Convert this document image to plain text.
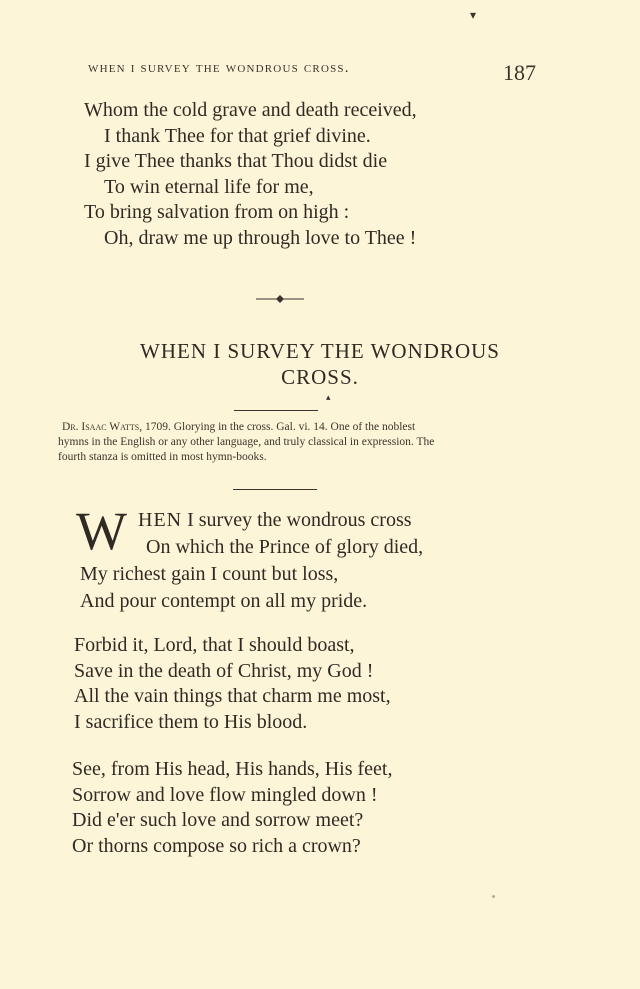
▾
when i survey the wondrous cross.	187
Whom the cold grave and death received,
I thank Thee for that grief divine.
I give Thee thanks that Thou didst die
To win eternal life for me,
To bring salvation from on high :
Oh, draw me up through love to Thee !
WHEN I SURVEY THE WONDROUS
CROSS.
▴
Dr. Isaac Watts, 1709. Glorying in the cross. Gal. vi. 14. One of the noblest
hymns in the English or any other language, and truly classical in expression. The
fourth stanza is omitted in most hymn-books.
W HEN I survey the wondrous cross
On which the Prince of glory died,
My richest gain I count but loss,
And pour contempt on all my pride.
Forbid it, Lord, that I should boast,
Save in the death of Christ, my God !
All the vain things that charm me most,
I sacrifice them to His blood.
See, from His head, His hands, His feet,
Sorrow and love flow mingled down !
Did e'er such love and sorrow meet?
Or thorns compose so rich a crown?
